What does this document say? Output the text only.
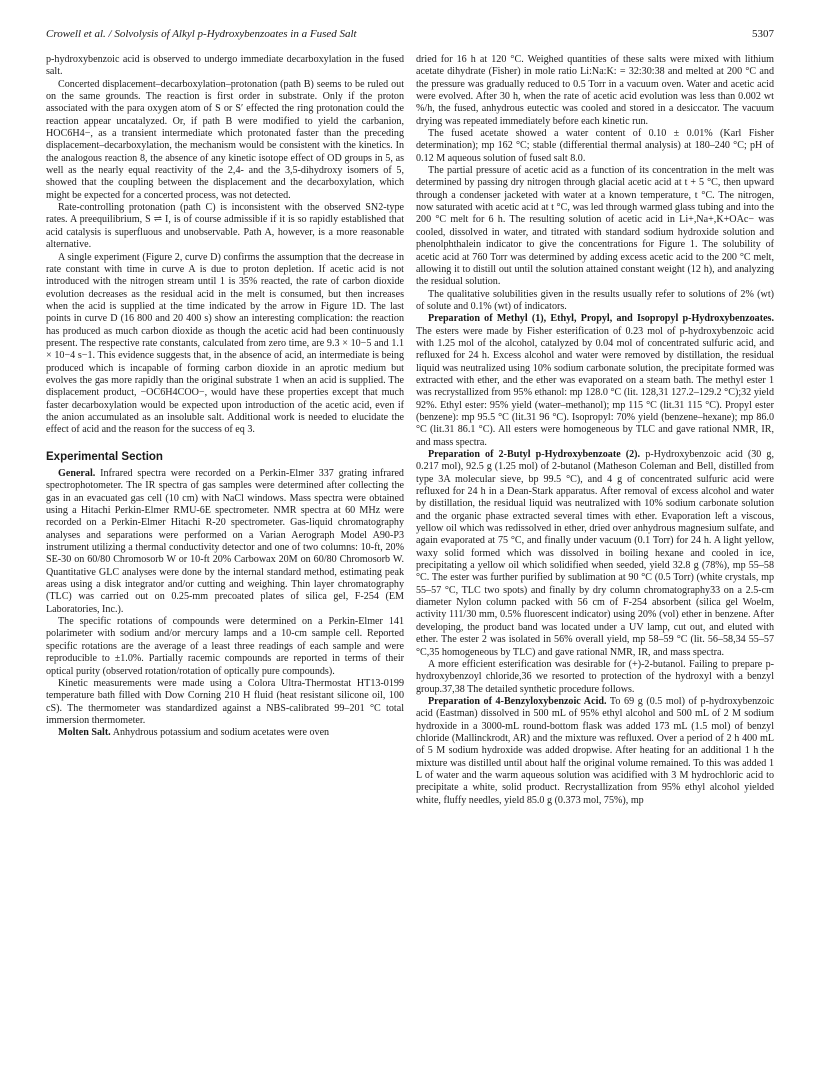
Crowell et al. / Solvolysis of Alkyl p-Hydroxybenzoates in a Fused Salt	5307

p-hydroxybenzoic acid is observed to undergo immediate decarboxylation in the fused salt.

Concerted displacement–decarboxylation–protonation (path B) seems to be ruled out on the same grounds. The reaction is first order in substrate. Only if the proton associated with the para oxygen atom of S or S′ effected the ring protonation could the reaction appear uncatalyzed. Or, if path B were modified to yield the carbanion, HOC6H4−, as a transient intermediate which protonated faster than the preceding displacement–decarboxylation, the mechanism would be consistent with the kinetics. In the analogous reaction 8, the absence of any kinetic isotope effect of OD groups in 5, as well as the nearly equal reactivity of the 2,4- and the 3,5-dihydroxy isomers of 5, showed that the coupling between the displacement and the decarboxylation, which might be expected for a concerted process, was not detected.

Rate-controlling protonation (path C) is inconsistent with the observed SN2-type rates. A preequilibrium, S ⇌ I, is of course admissible if it is so rapidly established that acid catalysis is superfluous and unobservable. Path A, however, is a more reasonable alternative.

A single experiment (Figure 2, curve D) confirms the assumption that the decrease in rate constant with time in curve A is due to proton depletion. If acetic acid is not introduced with the nitrogen stream until 1 is 35% reacted, the rate of carbon dioxide evolution decreases as the residual acid in the melt is consumed, but then increases when the acid is supplied at the time indicated by the arrow in Figure 1D. The last points in curve D (16 800 and 20 400 s) show an interesting complication: the reaction has produced as much carbon dioxide as though the acetic acid had been continuously present. The respective rate constants, calculated from zero time, are 9.3 × 10−5 and 1.1 × 10−4 s−1. This evidence suggests that, in the absence of acid, an intermediate is being produced which is incapable of forming carbon dioxide in an aprotic medium but evolves the gas more rapidly than the original substrate 1 when an acid is supplied. The displacement product, −OC6H4COO−, would have these properties except that much faster decarboxylation would be expected upon introduction of the acetic acid, even if the anion accumulated as an insoluble salt. Additional work is needed to elucidate the effect of acid and the reason for the success of eq 3.

Experimental Section

General. Infrared spectra were recorded on a Perkin-Elmer 337 grating infrared spectrophotometer. The IR spectra of gas samples were determined after collecting the gas in an evacuated gas cell (10 cm) with NaCl windows. Mass spectra were obtained using a Hitachi Perkin-Elmer RMU-6E spectrometer. NMR spectra at 60 MHz were recorded on a Perkin-Elmer Hitachi R-20 spectrometer. Gas-liquid chromatography analyses and separations were performed on a Varian Aerograph Model A90-P3 instrument utilizing a thermal conductivity detector and one of two columns: 10-ft, 20% SE-30 on 60/80 Chromosorb W or 10-ft 20% Carbowax 20M on 60/80 Chromosorb W. Quantitative GLC analyses were done by the internal standard method, estimating peak areas using a disk integrator and/or cutting and weighing. Thin layer chromatography (TLC) was carried out on 0.25-mm precoated plates of silica gel, F-254 (EM Laboratories, Inc.).

The specific rotations of compounds were determined on a Perkin-Elmer 141 polarimeter with sodium and/or mercury lamps and a 10-cm sample cell. Reported specific rotations are the average of a least three readings of each sample and were reproducible to ±1.0%. Partially racemic compounds are reported in terms of their optical purity (observed rotation/rotation of optically pure compounds).

Kinetic measurements were made using a Colora Ultra-Thermostat HT13-0199 temperature bath filled with Dow Corning 210 H fluid (heat resistant silicone oil, 100 cS). The thermometer was standardized against a NBS-calibrated 99–201 °C total immersion thermometer.

Molten Salt. Anhydrous potassium and sodium acetates were oven

dried for 16 h at 120 °C. Weighed quantities of these salts were mixed with lithium acetate dihydrate (Fisher) in mole ratio Li:Na:K: = 32:30:38 and melted at 200 °C and the pressure was gradually reduced to 0.5 Torr in a vacuum oven. Water and acetic acid were evolved. After 30 h, when the rate of acetic acid evolution was less than 0.002 wt %/h, the fused, anhydrous eutectic was cooled and stored in a desiccator. The vacuum drying was repeated immediately before each kinetic run.

The fused acetate showed a water content of 0.10 ± 0.01% (Karl Fisher determination); mp 162 °C; stable (differential thermal analysis) at 180–240 °C; pH of 0.12 M aqueous solution of fused salt 8.0.

The partial pressure of acetic acid as a function of its concentration in the melt was determined by passing dry nitrogen through glacial acetic acid at t + 5 °C, then upward through a condenser jacketed with water at a known temperature, t °C. The nitrogen, now saturated with acetic acid at t °C, was led through warmed glass tubing and into the 200 °C melt for 6 h. The resulting solution of acetic acid in Li+,Na+,K+OAc− was cooled, dissolved in water, and titrated with standard sodium hydroxide solution and phenolphthalein indicator to give the concentrations for Figure 1. The solubility of acetic acid at 760 Torr was determined by adding excess acetic acid to the 200 °C melt, allowing it to distill out until the solution attained constant weight (12 h), and analyzing the residual solution.

The qualitative solubilities given in the results usually refer to solutions of 2% (wt) of solute and 0.1% (wt) of indicators.

Preparation of Methyl (1), Ethyl, Propyl, and Isopropyl p-Hydroxybenzoates. The esters were made by Fisher esterification of 0.23 mol of p-hydroxybenzoic acid with 1.25 mol of the alcohol, catalyzed by 0.04 mol of concentrated sulfuric acid, and refluxed for 24 h. Excess alcohol and water were removed by distillation, the residual liquid was neutralized using 10% sodium carbonate solution, the precipitate formed was extracted with ether, and the ether was evaporated on a steam bath. The methyl ester 1 was recrystallized from 95% ethanol: mp 128.0 °C (lit. 128,31 127.2–129.2 °C);32 yield 92%. Ethyl ester: 95% yield (water–methanol); mp 115 °C (lit.31 115 °C). Propyl ester (benzene): mp 95.5 °C (lit.31 96 °C). Isopropyl: 70% yield (benzene–hexane); mp 86.0 °C (lit.31 86.1 °C). All esters were homogeneous by TLC and gave rational NMR, IR, and mass spectra.

Preparation of 2-Butyl p-Hydroxybenzoate (2). p-Hydroxybenzoic acid (30 g, 0.217 mol), 92.5 g (1.25 mol) of 2-butanol (Matheson Coleman and Bell, distilled from type 3A molecular sieve, bp 99.5 °C), and 4 g of concentrated sulfuric acid were refluxed for 24 h in a Dean-Stark apparatus. After removal of excess alcohol and water by distillation, the residual liquid was neutralized with 10% sodium carbonate solution and the organic phase extracted several times with ether. Evaporation left a viscous, yellow oil which was redissolved in ether, dried over anhydrous magnesium sulfate, and again evaporated at 75 °C, and finally under vacuum (0.1 Torr) for 24 h. A light yellow, waxy solid formed which was dissolved in boiling hexane and cooled in ice, precipitating a yellow oil which solidified when seeded, yield 32.8 g (78%), mp 55–58 °C. The ester was further purified by sublimation at 90 °C (0.5 Torr) (white crystals, mp 55–57 °C, TLC two spots) and finally by dry column chromatography33 on a 2.5-cm diameter Nylon column packed with 56 cm of F-254 absorbent (silica gel Woelm, activity 111/30 mm, 0.5% fluorescent indicator) using 20% (vol) ether in benzene. After developing, the product band was located under a UV lamp, cut out, and eluted with ether. The ester 2 was isolated in 56% overall yield, mp 58–59 °C (lit. 56–58,34 55–57 °C,35 homogeneous by TLC) and gave rational NMR, IR, and mass spectra.

A more efficient esterification was desirable for (+)-2-butanol. Failing to prepare p-hydroxybenzoyl chloride,36 we resorted to protection of the hydroxyl with a benzyl group.37,38 The detailed synthetic procedure follows.

Preparation of 4-Benzyloxybenzoic Acid. To 69 g (0.5 mol) of p-hydroxybenzoic acid (Eastman) dissolved in 500 mL of 95% ethyl alcohol and 500 mL of 2 M sodium hydroxide in a 3000-mL round-bottom flask was added 173 mL (1.5 mol) of benzyl chloride (Mallinckrodt, AR) and the mixture was refluxed. Over a period of 2 h 400 mL of 5 M sodium hydroxide was added dropwise. After heating for an additional 1 h the mixture was distilled until about half the original volume remained. To this was added 1 L of water and the warm aqueous solution was acidified with 3 M hydrochloric acid to precipitate a white, solid product. Recrystallization from 95% ethyl alcohol yielded white, fluffy needles, yield 85.0 g (0.373 mol, 75%), mp
